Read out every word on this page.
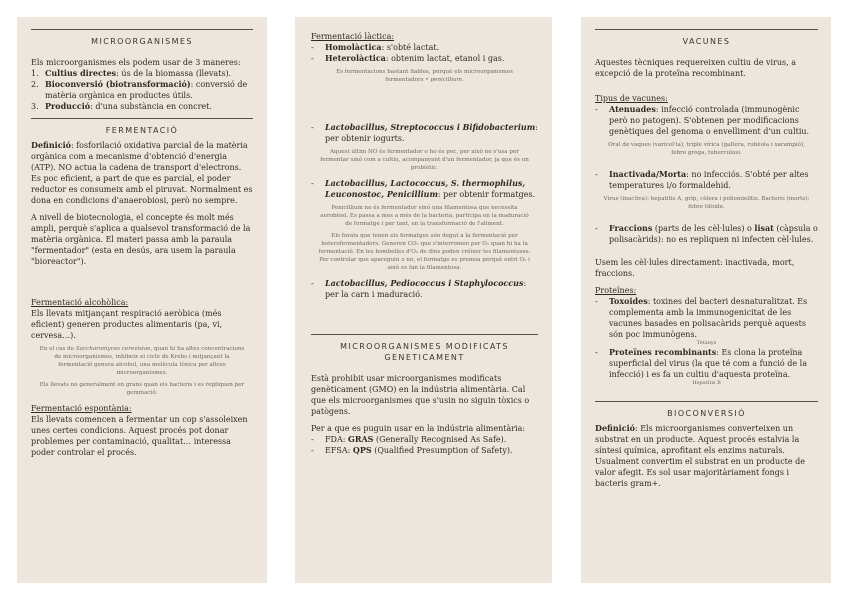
MICROORGANISMES

Els microorganismes els podem usar de 3 maneres:

1. Cultius directes: ús de la biomassa (llevats).
2. Bioconversió (biotransformació): conversió de matèria orgànica en productes útils.
3. Producció: d'una substància en concret.
FERMENTACIÓ

Definició: fosforilació oxidativa parcial de la matèria orgànica com a mecanisme d'obtenció d'energia (ATP). NO actua la cadena de transport d'electrons. Es poc eficient, a part de que es parcial, el poder reductor es consumeix amb el piruvat. Normalment es dona en condicions d'anaerobiosi, però no sempre.

A nivell de biotecnologia, el concepte és molt més ampli, perquè s'aplica a qualsevol transformació de la matèria orgànica. El materi passa amb la paraula "fermentador" (esta en desús, ara usem la paraula "bioreactor").

Fermentació alcohòlica:

Els llevats mitjançant respiració aeròbica (més eficient) generen productes alimentaris (pa, vi, cervesa…).

En el cas de Saccharomyces cerevisiae, quan hi ha altes concentracions de microorganismes, inhibeix el cicle de Krebs i mitjançant la fermentació genera alcohol, una molècula tòxica per altres microorganismes.

Els llevats no generalment en grans quan els bacteris i es repliquen per gemmació.

Fermentació espontània:

Els llevats comencen a fermentar un cop s'assoleixen unes certes condicions. Aquest procés pot donar problemes per contaminació, qualitat… interessa poder controlar el procés.

Fermentació làctica:

- Homolàctica: s'obté lactat.
- Heterolàctica: obtenim lactat, etanol i gas.

Es fermentacions bastant fiables, perquè els microorganismes fermentadors • penicillium.

- Lactobacillus, Streptococcus i Bifidobacterium: per obtenir iogurts.

Aquest últim NO és fermentador o ho és poc, per això no s'usa per fermentar sinó com a cultiu, acompanyant d'un fermentador, ja que és un probiòtic.

- Lactobacillus, Lactococcus, S. thermophilus, Leuconostoc, Penicillium: per obtenir formatges.

Penicillium no és fermentador sinó una filamentosa que necessita aerobiosi. Es passa a mes a més de la bacteria, participa en la maduració de formatge i per tant, en la transformació de l'aliment.

Els forats que tenen els formatges són degut a la fermentació per heterofermentadors. Generen CO₂ que s'interromen per O₂ quan hi ha la fermentació. En les bombolles d'O₂ de dins poden créixer les filamentoses. Per controlar que apareguin o no, el formatge es premsa perquè entri O₂ i això es fan la filamentosa.

- Lactobacillus, Pediococcus i Staphylococcus: per la carn i maduració.
MICROORGANISMES MODIFICATS GENETICAMENT

Està prohibit usar microorganismes modificats genèticament (GMO) en la indústria alimentària. Cal que els microorganismes que s'usin no siguin tòxics o patògens.

Per a que es puguin usar en la indústria alimentària:

- FDA: GRAS (Generally Recognised As Safe).
- EFSA: QPS (Qualified Presumption of Safety).
VACUNES

Aquestes tècniques requereixen cultiu de virus, a excepció de la proteïna recombinant.

Tipus de vacunes:

- Atenuades: infecció controlada (immunogènic però no patogen). S'obtenen per modificacions genètiques del genoma o envelliment d'un cultiu.

Oral de vaques (varicel·la), triple vírica (galtera, rubèola i xarampió), febre groga, tuberculosi.

- Inactivada/Morta: no infecciós. S'obté per altes temperatures i/o formaldehid.

Virus (inactiva): hepatitis A, grip, còlera i poliomielitis. Bacteris (morts): febre tifoide.

- Fraccions (parts de les cèl·lules) o lisat (càpsula o polisacàrids): no es repliquen ni infecten cèl·lules.

Usem les cèl·lules directament: inactivada, mort, fraccions.

Proteïnes:

- Toxoides: toxines del bacteri desnaturalitzat. Es complementa amb la immunogenicitat de les vacunes basades en polisacàrids perquè aquests són poc immunògens.

Tètanys

- Proteïnes recombinants: Es clona la proteïna superficial del virus (la que té com a funció de la infecció) i es fa un cultiu d'aquesta proteïna.

Hepatitis B

BIOCONVERSIÓ

Definició: Els microorganismes converteixen un substrat en un producte. Aquest procés estalvia la síntesi química, aprofitant els enzims naturals. Usualment convertim el substrat en un producte de valor afegit. Es sol usar majoritàriament fongs i bacteris gram+.
